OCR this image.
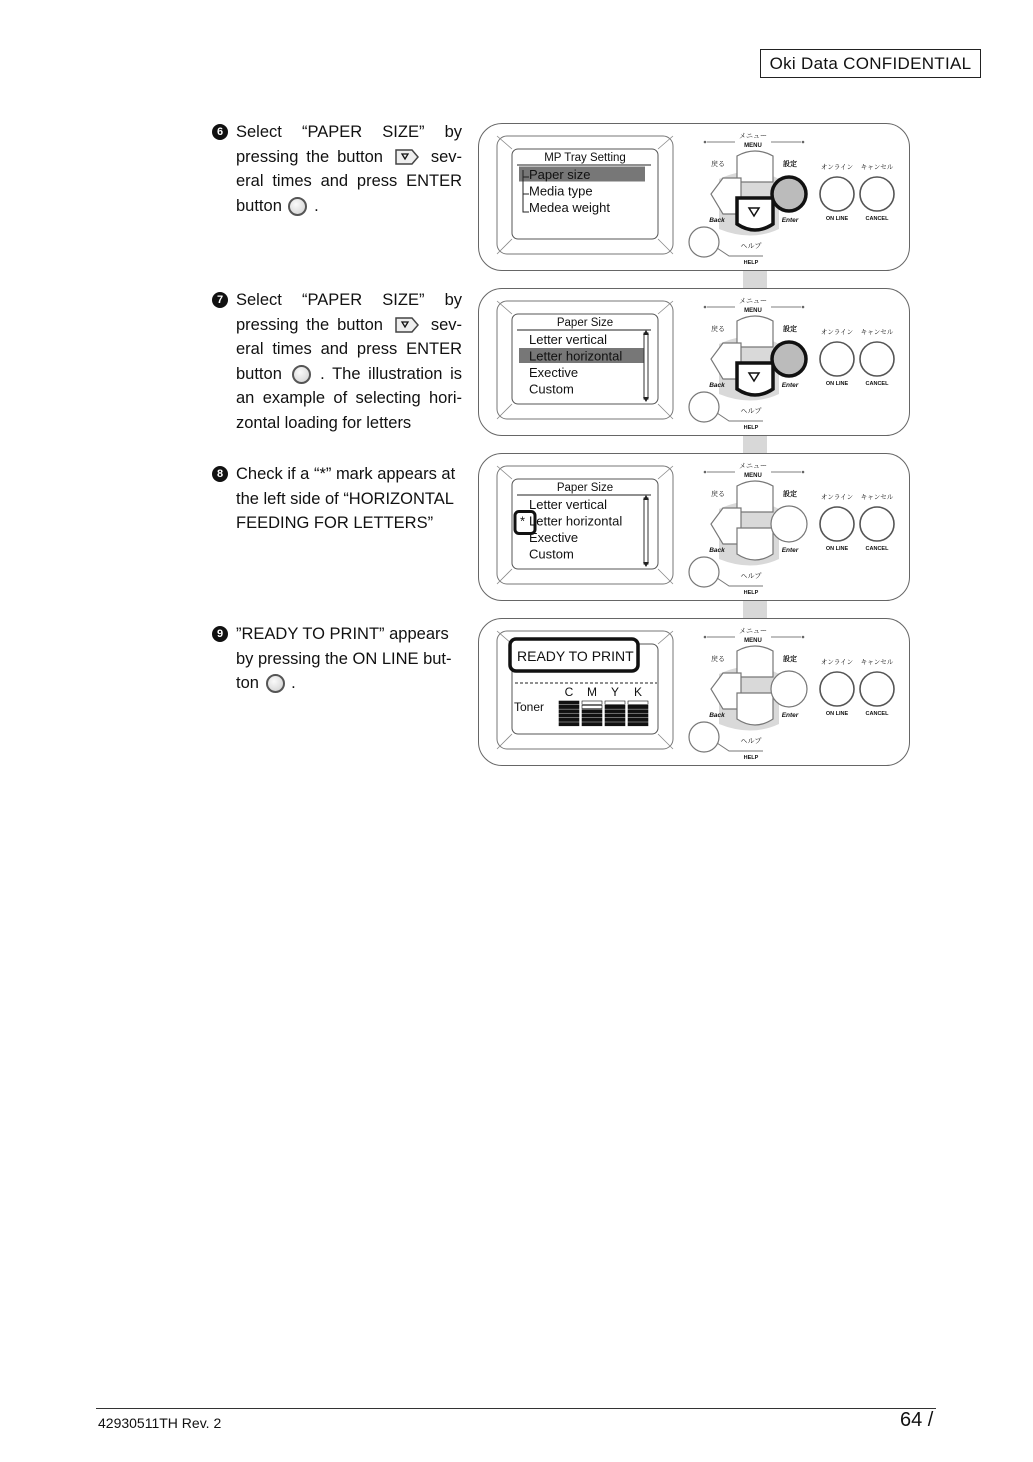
Oki Data CONFIDENTIAL
6 Select “PAPER SIZE” by pressing the button	sev-eral times and press ENTER button .
7 Select “PAPER SIZE” by pressing the button	sev-eral times and press ENTER button . The illustration is an example of selecting hori-zontal loading for letters
8 Check if a “*” mark appears at the left side of “HORIZONTAL FEEDING FOR LETTERS”
9 ”READY TO PRINT” appears by pressing the ON LINE but-ton .
MP Tray Setting
Paper size
Media type
Medea weight
メニュー
MENU
戻る
Back
設定
Enter
オンライン キャンセル
ON LINE	CANCEL
ヘルプ
HELP
Paper Size
Letter vertical
Letter horizontal
Exective
Custom
メニュー
MENU
戻る
Back
設定
Enter
オンライン キャンセル
ON LINE	CANCEL
ヘルプ
HELP
Paper Size
Letter vertical
Letter horizontal
Exective
Custom
*
メニュー
MENU
戻る
Back
設定
Enter
オンライン キャンセル
ON LINE	CANCEL
ヘルプ
HELP
READY TO PRINT
Toner
C M Y K
メニュー
MENU
戻る
Back
設定
Enter
オンライン キャンセル
ON LINE	CANCEL
ヘルプ
HELP
42930511TH Rev. 2	64 /
